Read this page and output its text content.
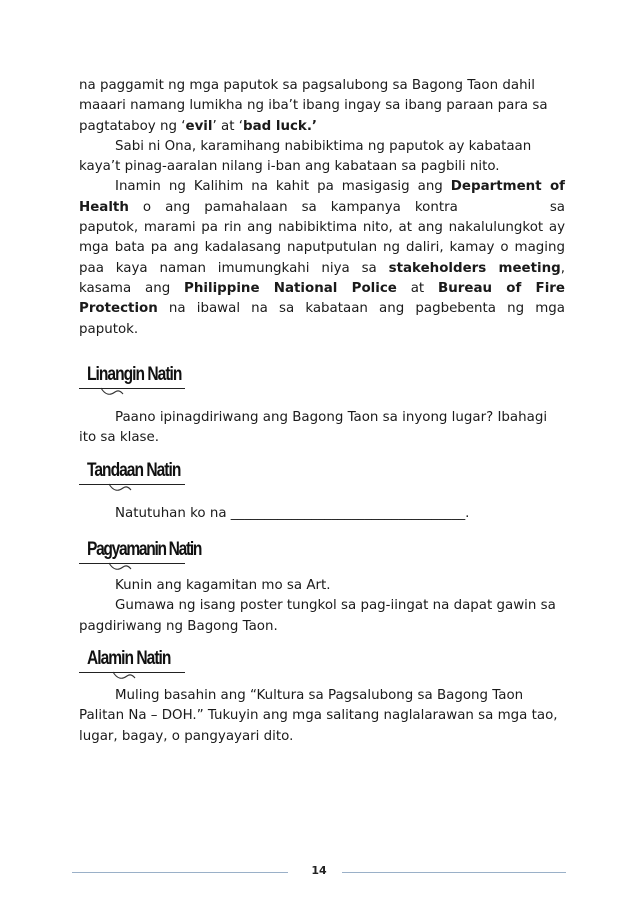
na paggamit ng mga paputok sa pagsalubong sa Bagong Taon dahil maaari namang lumikha ng iba’t ibang ingay sa ibang paraan para sa pagtataboy ng ‘evil’ at ‘bad luck.’

Sabi ni Ona, karamihang nabibiktima ng paputok ay kabataan kaya’t pinag-aaralan nilang i-ban ang kabataan sa pagbili nito.

Inamin ng Kalihim na kahit pa masigasig ang Department of Health o ang pamahalaan sa kampanya kontra	sa paputok, marami pa rin ang nabibiktima nito, at ang nakalulungkot ay mga bata pa ang kadalasang naputputulan ng daliri, kamay o maging paa kaya naman imumungkahi niya sa stakeholders meeting, kasama ang Philippine National Police at Bureau of Fire Protection na ibawal na sa kabataan ang pagbebenta ng mga paputok.

Linangin Natin

Paano ipinagdiriwang ang Bagong Taon sa inyong lugar? Ibahagi ito sa klase.

Tandaan Natin

Natutuhan ko na ___________________________________.

Pagyamanin Natin

Kunin ang kagamitan mo sa Art.

Gumawa ng isang poster tungkol sa pag-iingat na dapat gawin sa pagdiriwang ng Bagong Taon.

Alamin Natin

Muling basahin ang “Kultura sa Pagsalubong sa Bagong Taon Palitan Na – DOH.” Tukuyin ang mga salitang naglalarawan sa mga tao, lugar, bagay, o pangyayari dito.

14
